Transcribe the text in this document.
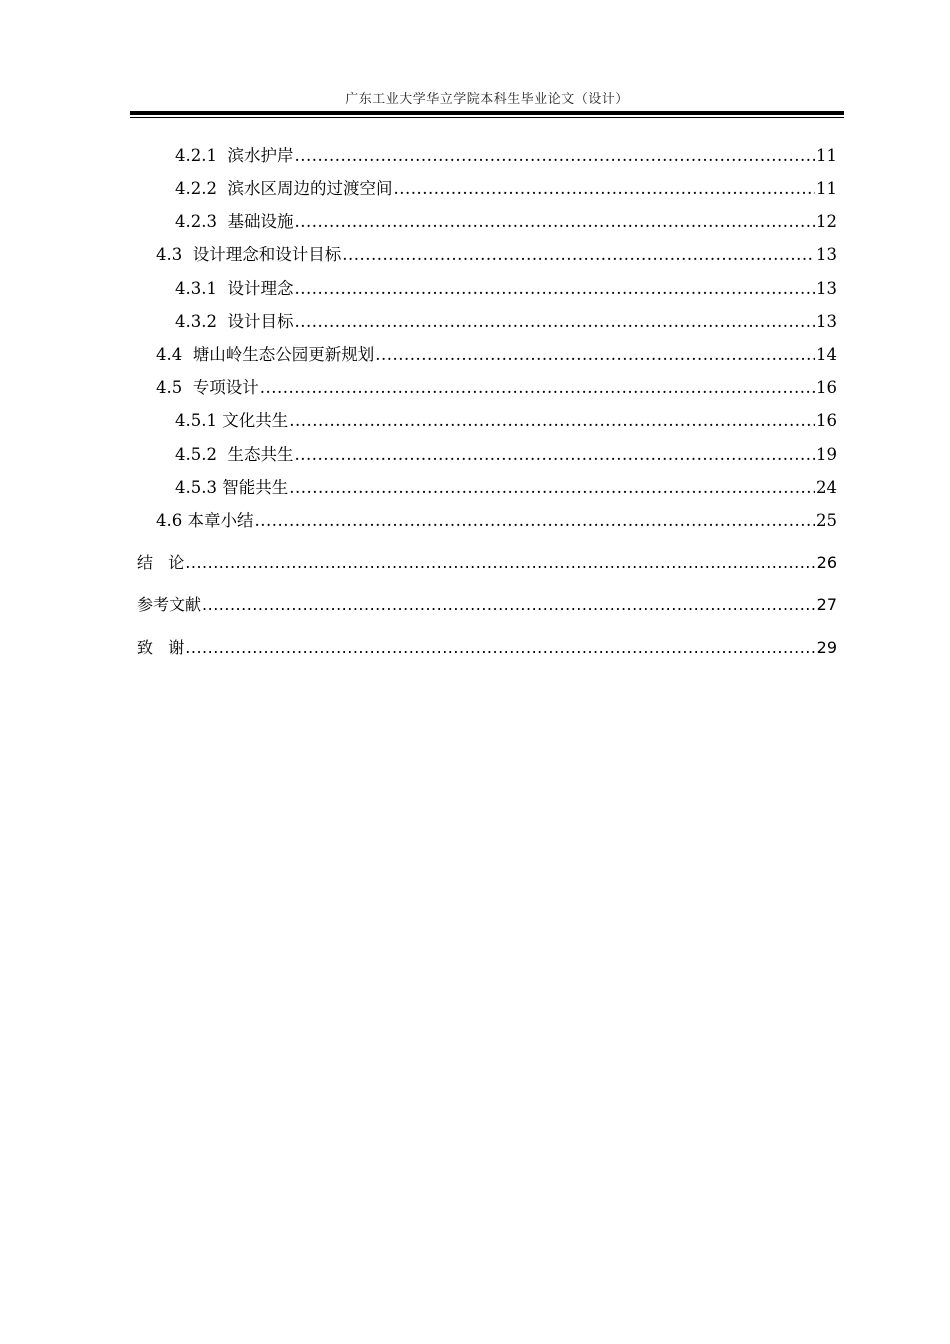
广东工业大学华立学院本科生毕业论文（设计）
4.2.1  滨水护岸 .....	11
4.2.2  滨水区周边的过渡空间 .....	11
4.2.3  基础设施 .....	12
4.3  设计理念和设计目标 .....	13
4.3.1  设计理念 .....	13
4.3.2  设计目标 .....	13
4.4  塘山岭生态公园更新规划 .....	14
4.5  专项设计 .....	16
4.5.1 文化共生 .....	16
4.5.2  生态共生 .....	19
4.5.3 智能共生 .....	24
4.6 本章小结 .....	25
结   论 .....	26
参考文献 .....	27
致   谢 .....	29
